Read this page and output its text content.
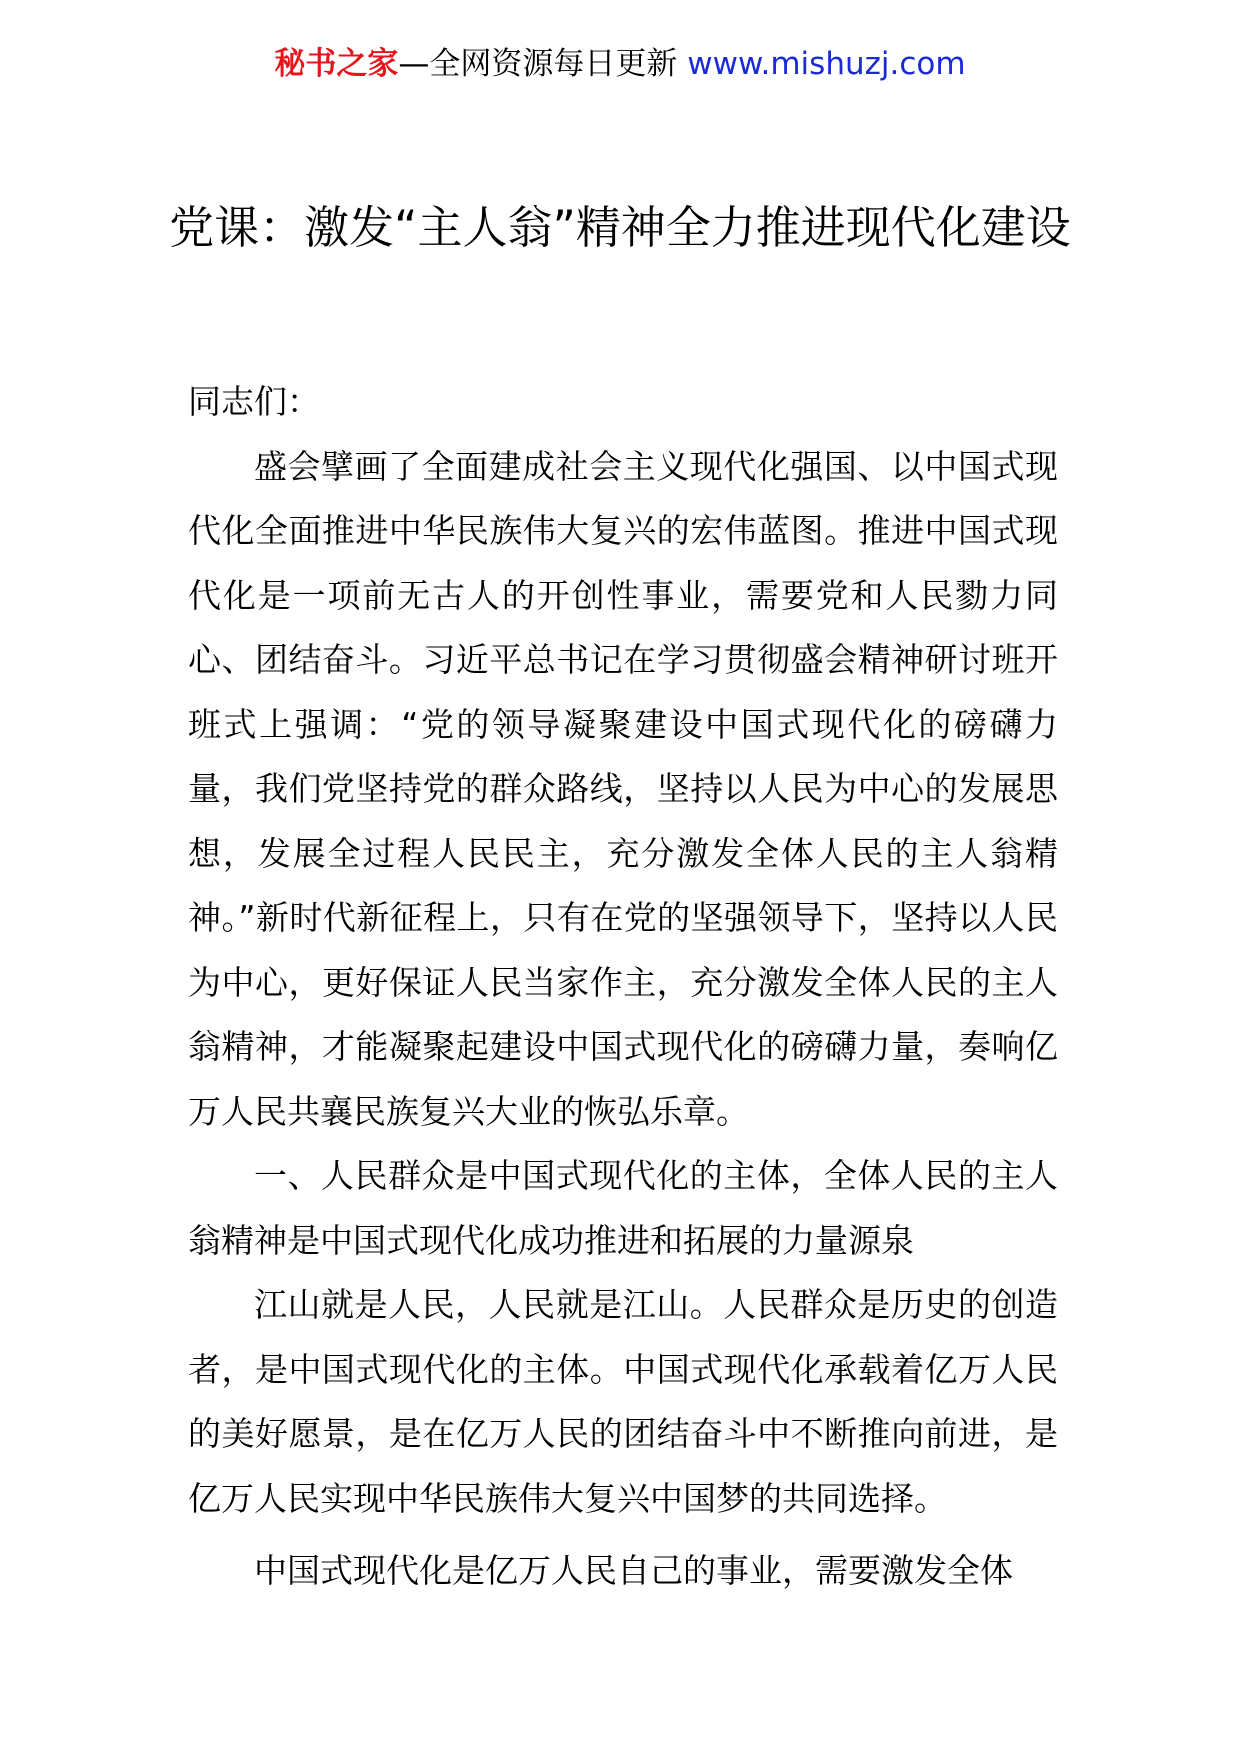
秘书之家—全网资源每日更新 www.mishuzj.com
党课：激发“主人翁”精神全力推进现代化建设

同志们：

盛会擘画了全面建成社会主义现代化强国、以中国式现代化全面推进中华民族伟大复兴的宏伟蓝图。推进中国式现代化是一项前无古人的开创性事业，需要党和人民勠力同心、团结奋斗。习近平总书记在学习贯彻盛会精神研讨班开班式上强调：“党的领导凝聚建设中国式现代化的磅礴力量，我们党坚持党的群众路线，坚持以人民为中心的发展思想，发展全过程人民民主，充分激发全体人民的主人翁精神。”新时代新征程上，只有在党的坚强领导下，坚持以人民为中心，更好保证人民当家作主，充分激发全体人民的主人翁精神，才能凝聚起建设中国式现代化的磅礴力量，奏响亿万人民共襄民族复兴大业的恢弘乐章。

一、人民群众是中国式现代化的主体，全体人民的主人翁精神是中国式现代化成功推进和拓展的力量源泉

江山就是人民，人民就是江山。人民群众是历史的创造者，是中国式现代化的主体。中国式现代化承载着亿万人民的美好愿景，是在亿万人民的团结奋斗中不断推向前进，是亿万人民实现中华民族伟大复兴中国梦的共同选择。

中国式现代化是亿万人民自己的事业，需要激发全体
